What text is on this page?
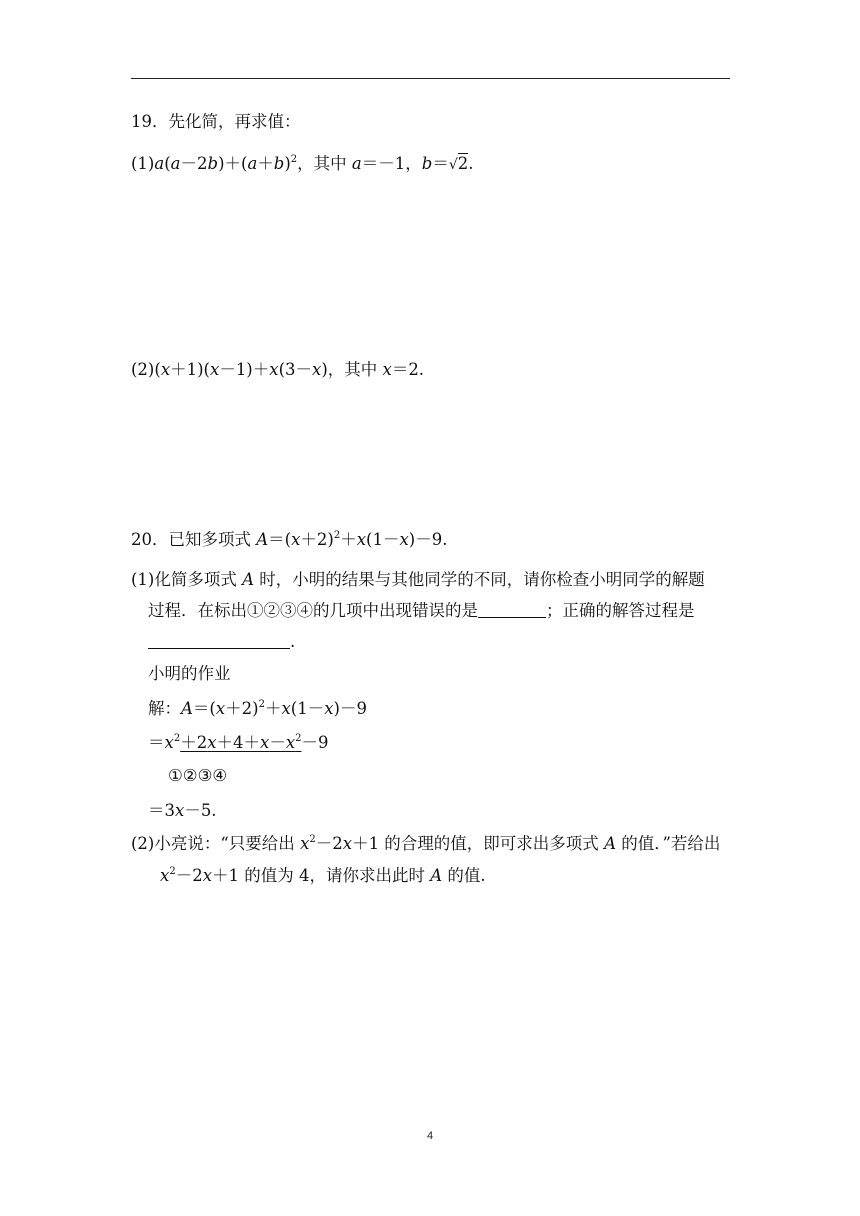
19．先化简，再求值：
$(1)a(a-2b)+(a+b)^2$，其中 a＝－1，b＝√2.
(2)(x＋1)(x－1)＋x(3－x)，其中 x＝2.
20．已知多项式 $A=(x+2)^2+x(1-x)-9$.
(1)化简多项式 A 时，小明的结果与其他同学的不同，请你检查小明同学的解题
过程．在标出①②③④的几项中出现错误的是	；正确的解答过程是
.
小明的作业
解：$A=(x+2)^2+x(1-x)-9$
$=x^2+2x+4+x-x^2-9$
①②③④
＝3x－5.
(2)小亮说：“只要给出 $x^2-2x+1$ 的合理的值，即可求出多项式 A 的值．”若给出
$x^2-2x+1$ 的值为 4，请你求出此时 A 的值.
4
